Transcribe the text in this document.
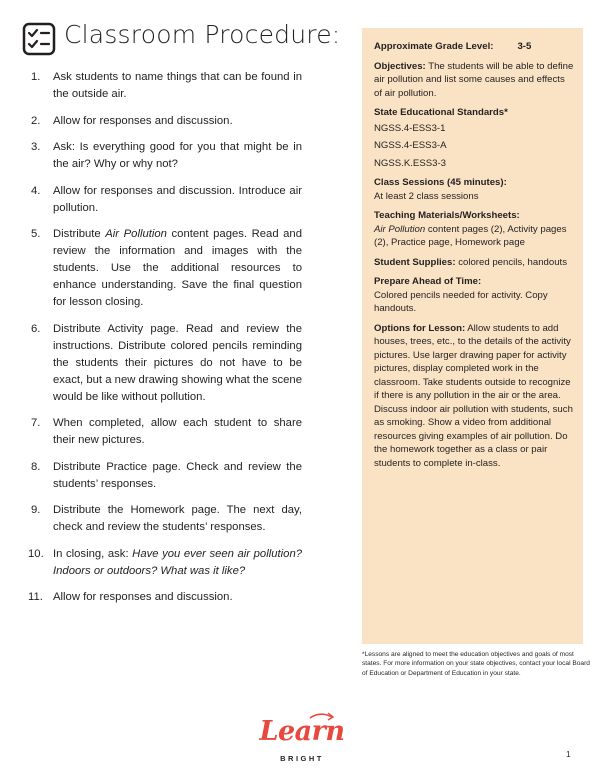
Classroom Procedure:
1. Ask students to name things that can be found in the outside air.
2. Allow for responses and discussion.
3. Ask: Is everything good for you that might be in the air? Why or why not?
4. Allow for responses and discussion. Introduce air pollution.
5. Distribute Air Pollution content pages. Read and review the information and images with the students. Use the additional resources to enhance understanding. Save the final question for lesson closing.
6. Distribute Activity page. Read and review the instructions. Distribute colored pencils reminding the students their pictures do not have to be exact, but a new drawing showing what the scene would be like without pollution.
7. When completed, allow each student to share their new pictures.
8. Distribute Practice page. Check and review the students’ responses.
9. Distribute the Homework page. The next day, check and review the students’ responses.
10. In closing, ask: Have you ever seen air pollution? Indoors or outdoors? What was it like?
11. Allow for responses and discussion.

Approximate Grade Level:	3-5

Objectives: The students will be able to define air pollution and list some causes and effects of air pollution.

State Educational Standards*

NGSS.4-ESS3-1

NGSS.4-ESS3-A

NGSS.K.ESS3-3

Class Sessions (45 minutes):
At least 2 class sessions

Teaching Materials/Worksheets:
Air Pollution content pages (2), Activity pages (2), Practice page, Homework page

Student Supplies: colored pencils, handouts

Prepare Ahead of Time:
Colored pencils needed for activity. Copy handouts.

Options for Lesson: Allow students to add houses, trees, etc., to the details of the activity pictures. Use larger drawing paper for activity pictures, display completed work in the classroom. Take students outside to recognize if there is any pollution in the air or the area. Discuss indoor air pollution with students, such as smoking. Show a video from additional resources giving examples of air pollution. Do the homework together as a class or pair students to complete in-class.

*Lessons are aligned to meet the education objectives and goals of most states. For more information on your state objectives, contact your local Board of Education or Department of Education in your state.
Learn
BRIGHT	1
